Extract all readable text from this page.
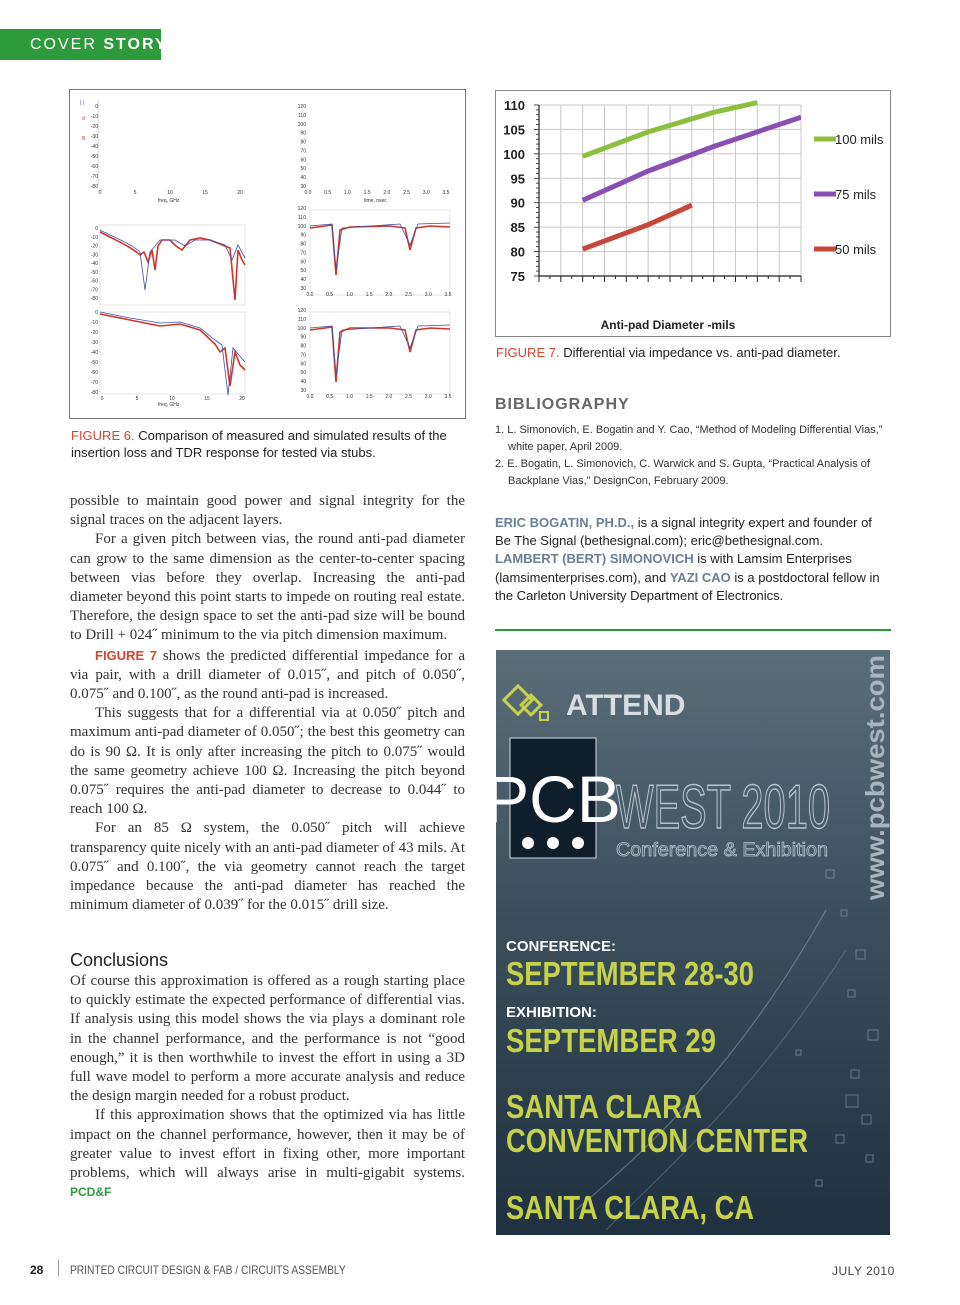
COVER STORY
| |
d
B
0
-10
-20
-30
-40
-50
-60
-70
-80
0	5	10	15	20
120
110
100
90
80
70
60
50
40
30
0.0	0.5	1.0	1.5	2.0	2.5	3.0	3.5
0
-10
-20
-30
-40
-50
-60
-70
-80
120
110
100
90
80
70
60
50
40
30
0.0	0.5	1.0	1.5	2.0	2.5	3.0	3.5
0
-10
-20
-30
-40
-50
-60
-70
-80
0	5	10	15	20
freq, GHz
120
110
100
90
80
70
60
50
40
30
0.0	0.5	1.0	1.5	2.0	2.5	3.0	3.5
time, nsec
freq, GHz
FIGURE 6. Comparison of measured and simulated results of the insertion loss and TDR response for tested via stubs.

possible to maintain good power and signal integrity for the signal traces on the adjacent layers.

For a given pitch between vias, the round anti-pad diameter can grow to the same dimension as the center-to-center spacing between vias before they overlap. Increasing the anti-pad diameter beyond this point starts to impede on routing real estate. Therefore, the design space to set the anti-pad size will be bound to Drill + 024˝ minimum to the via pitch dimension maximum.

FIGURE 7 shows the predicted differential impedance for a via pair, with a drill diameter of 0.015˝, and pitch of 0.050˝, 0.075˝ and 0.100˝, as the round anti-pad is increased.

This suggests that for a differential via at 0.050˝ pitch and maximum anti-pad diameter of 0.050˝; the best this geometry can do is 90 Ω. It is only after increasing the pitch to 0.075˝ would the same geometry achieve 100 Ω. Increasing the pitch beyond 0.075˝ requires the anti-pad diameter to decrease to 0.044˝ to reach 100 Ω.

For an 85 Ω system, the 0.050˝ pitch will achieve transparency quite nicely with an anti-pad diameter of 43 mils. At 0.075˝ and 0.100˝, the via geometry cannot reach the target impedance because the anti-pad diameter has reached the minimum diameter of 0.039˝ for the 0.015˝ drill size.

Conclusions

Of course this approximation is offered as a rough starting place to quickly estimate the expected performance of differential vias. If analysis using this model shows the via plays a dominant role in the channel performance, and the performance is not “good enough,” it is then worthwhile to invest the effort in using a 3D full wave model to perform a more accurate analysis and reduce the design margin needed for a robust product.

If this approximation shows that the optimized via has little impact on the channel performance, however, then it may be of greater value to invest effort in fixing other, more important problems, which will always arise in multi-gigabit systems. PCD&F

110
105
100
95
90
85
80
75
100 mils
75 mils
50 mils
Anti-pad Diameter -mils
FIGURE 7. Differential via impedance vs. anti-pad diameter.
BIBLIOGRAPHY
1. L. Simonovich, E. Bogatin and Y. Cao, “Method of Modeling Differential Vias,” white paper, April 2009.
2. E. Bogatin, L. Simonovich, C. Warwick and S. Gupta, “Practical Analysis of Backplane Vias,” DesignCon, February 2009.
ERIC BOGATIN, PH.D., is a signal integrity expert and founder of Be The Signal (bethesignal.com); eric@bethesignal.com. LAMBERT (BERT) SIMONOVICH is with Lamsim Enterprises (lamsimenterprises.com), and YAZI CAO is a postdoctoral fellow in the Carleton University Department of Electronics.
ATTEND
PCB
WEST 2010
Conference & Exhibition www.pcbwest.com
CONFERENCE:
SEPTEMBER 28-30
EXHIBITION:
SEPTEMBER 29
SANTA CLARA
CONVENTION CENTER
SANTA CLARA, CA
28 PRINTED CIRCUIT DESIGN & FAB / CIRCUITS ASSEMBLY	JULY 2010
